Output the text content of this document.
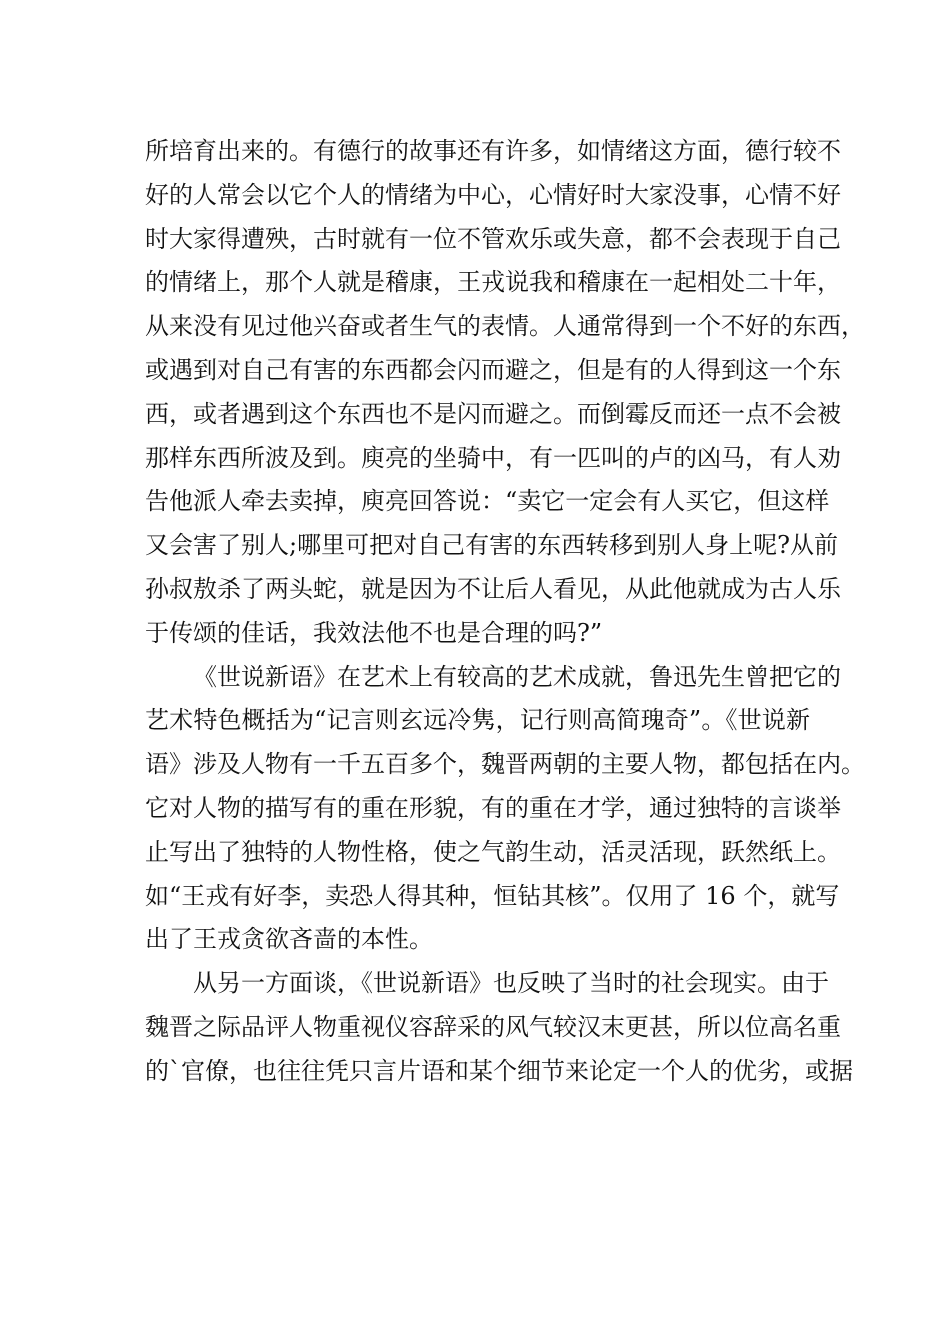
所培育出来的。有德行的故事还有许多，如情绪这方面，德行较不
好的人常会以它个人的情绪为中心，心情好时大家没事，心情不好
时大家得遭殃，古时就有一位不管欢乐或失意，都不会表现于自己
的情绪上，那个人就是稽康，王戎说我和稽康在一起相处二十年，
从来没有见过他兴奋或者生气的表情。人通常得到一个不好的东西，
或遇到对自己有害的东西都会闪而避之，但是有的人得到这一个东
西，或者遇到这个东西也不是闪而避之。而倒霉反而还一点不会被
那样东西所波及到。庾亮的坐骑中，有一匹叫的卢的凶马，有人劝
告他派人牵去卖掉，庾亮回答说：“卖它一定会有人买它，但这样
又会害了别人;哪里可把对自己有害的东西转移到别人身上呢?从前
孙叔敖杀了两头蛇，就是因为不让后人看见，从此他就成为古人乐
于传颂的佳话，我效法他不也是合理的吗?”
《世说新语》在艺术上有较高的艺术成就，鲁迅先生曾把它的
艺术特色概括为“记言则玄远冷隽，记行则高简瑰奇”。《世说新
语》涉及人物有一千五百多个，魏晋两朝的主要人物，都包括在内。
它对人物的描写有的重在形貌，有的重在才学，通过独特的言谈举
止写出了独特的人物性格，使之气韵生动，活灵活现，跃然纸上。
如“王戎有好李，卖恐人得其种，恒钻其核”。仅用了 16 个，就写
出了王戎贪欲吝啬的本性。
从另一方面谈，《世说新语》也反映了当时的社会现实。由于
魏晋之际品评人物重视仪容辞采的风气较汉末更甚，所以位高名重
的`官僚，也往往凭只言片语和某个细节来论定一个人的优劣，或据
